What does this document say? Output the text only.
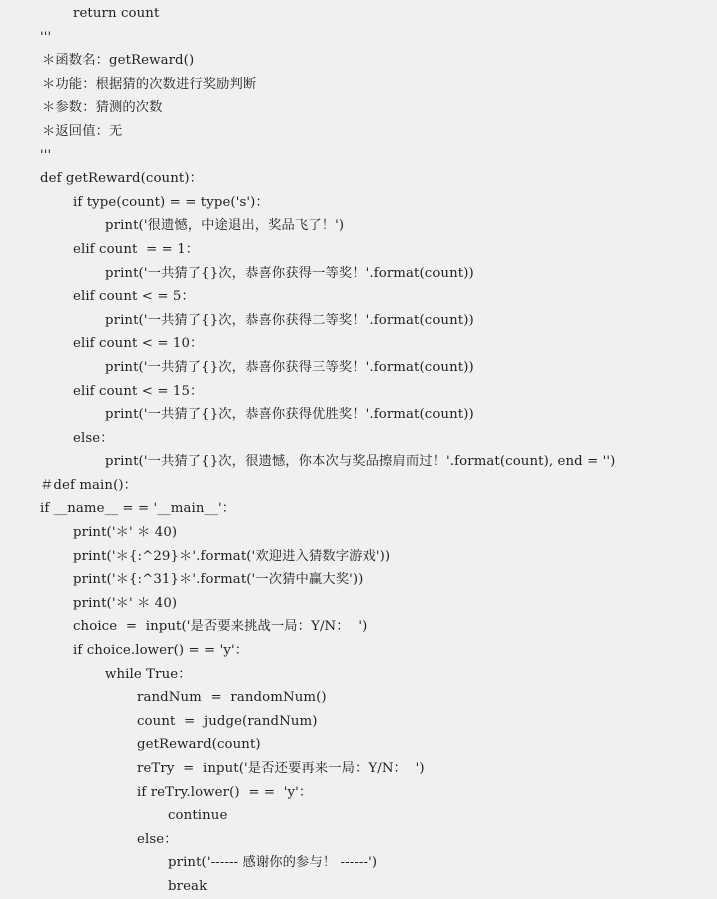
return count
'''
＊函数名：getReward()
＊功能：根据猜的次数进行奖励判断
＊参数：猜测的次数
＊返回值：无
'''
def getReward(count)：
if type(count) = = type('s')：
print('很遗憾，中途退出，奖品飞了！')
elif count  = = 1：
print('一共猜了{}次，恭喜你获得一等奖！'.format(count))
elif count < = 5：
print('一共猜了{}次，恭喜你获得二等奖！'.format(count))
elif count < = 10：
print('一共猜了{}次，恭喜你获得三等奖！'.format(count))
elif count < = 15：
print('一共猜了{}次，恭喜你获得优胜奖！'.format(count))
else：
print('一共猜了{}次，很遗憾，你本次与奖品擦肩而过！'.format(count), end = '')
＃def main()：
if __name__ = = '__main__'：
print('＊' ＊ 40)
print('＊{:^29}＊'.format('欢迎进入猜数字游戏'))
print('＊{:^31}＊'.format('一次猜中赢大奖'))
print('＊' ＊ 40)
choice  =  input('是否要来挑战一局：Y/N：  ')
if choice.lower() = = 'y'：
while True：
randNum  =  randomNum()
count  =  judge(randNum)
getReward(count)
reTry  =  input('是否还要再来一局：Y/N：  ')
if reTry.lower()  = =  'y'：
continue
else：
print('------ 感谢你的参与！ ------')
break
